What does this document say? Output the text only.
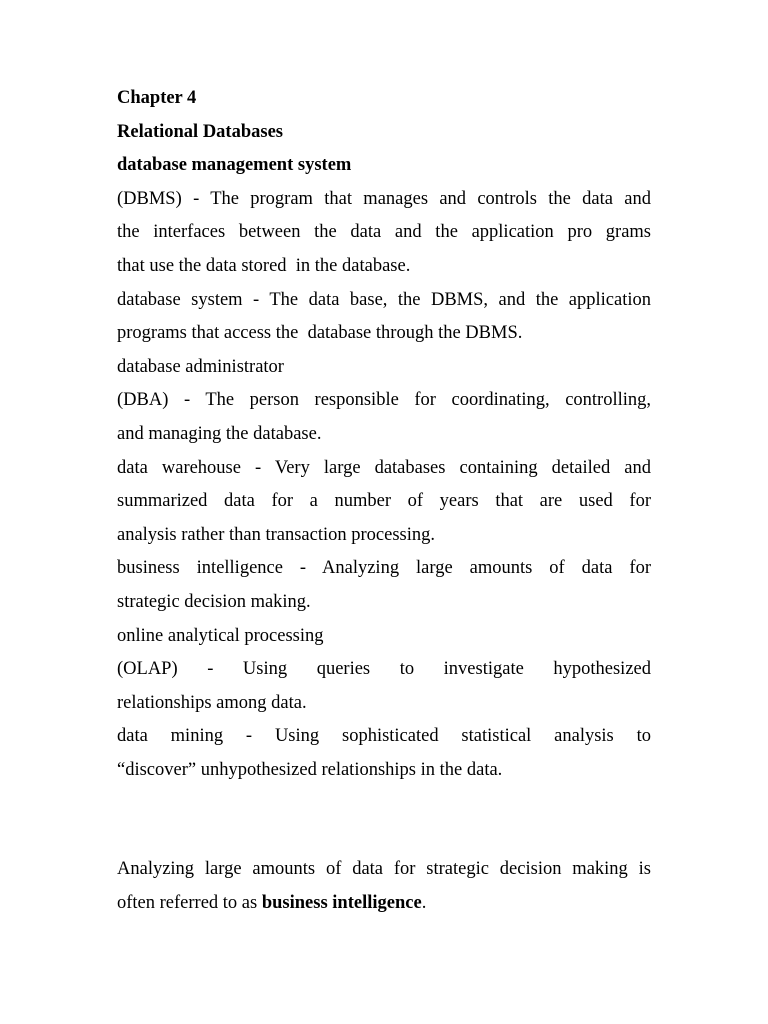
Chapter 4
Relational Databases
database management system
(DBMS) - The program that manages and controls the data and
the interfaces between the data and the application pro grams
that use the data stored  in the database.
database system - The data base, the DBMS, and the application
programs that access the  database through the DBMS.
database administrator
(DBA) - The person responsible for coordinating, controlling,
and managing the database.
data warehouse - Very large databases containing detailed and
summarized data for a number of years that are used for
analysis rather than transaction processing.
business intelligence - Analyzing large amounts of data for
strategic decision making.
online analytical processing
(OLAP) - Using queries to investigate hypothesized
relationships among data.
data mining - Using sophisticated statistical analysis to
“discover” unhypothesized relationships in the data.
Analyzing large amounts of data for strategic decision making is
often referred to as business intelligence.
